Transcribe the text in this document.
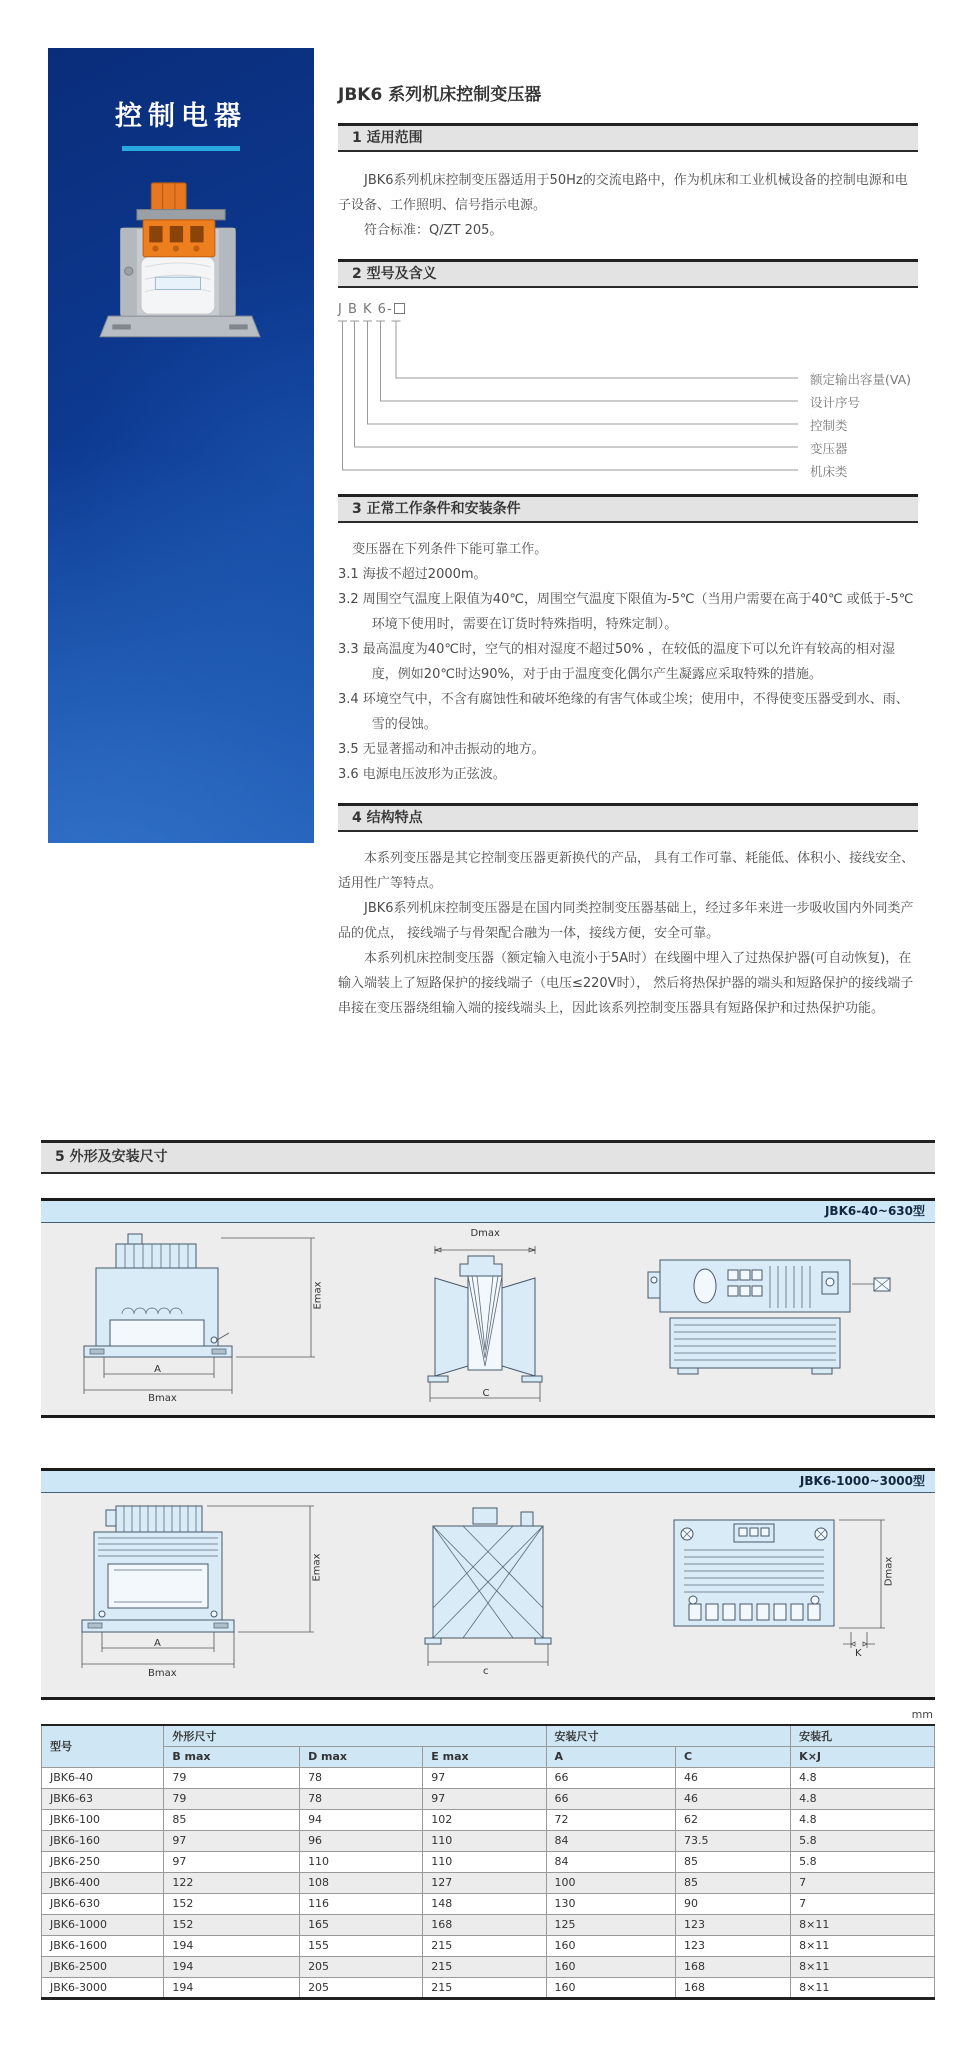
控制电器
JBK6 系列机床控制变压器
1 适用范围

JBK6系列机床控制变压器适用于50Hz的交流电路中，作为机床和工业机械设备的控制电源和电子设备、工作照明、信号指示电源。

符合标准：Q/ZT 205。

2 型号及含义
J B K 6-
额定输出容量(VA)
设计序号
控制类
变压器
机床类
3 正常工作条件和安装条件

变压器在下列条件下能可靠工作。

3.1 海拔不超过2000m。
3.2 周围空气温度上限值为40℃，周围空气温度下限值为-5℃（当用户需要在高于40℃ 或低于-5℃ 环境下使用时，需要在订货时特殊指明，特殊定制）。
3.3 最高温度为40℃时，空气的相对湿度不超过50% ，在较低的温度下可以允许有较高的相对湿度，例如20℃时达90%，对于由于温度变化偶尔产生凝露应采取特殊的措施。
3.4 环境空气中，不含有腐蚀性和破坏绝缘的有害气体或尘埃；使用中，不得使变压器受到水、雨、雪的侵蚀。
3.5 无显著摇动和冲击振动的地方。
3.6 电源电压波形为正弦波。
4 结构特点

本系列变压器是其它控制变压器更新换代的产品， 具有工作可靠、耗能低、体积小、接线安全、适用性广等特点。

JBK6系列机床控制变压器是在国内同类控制变压器基础上，经过多年来进一步吸收国内外同类产品的优点， 接线端子与骨架配合融为一体，接线方便，安全可靠。

本系列机床控制变压器（额定输入电流小于5A时）在线圈中埋入了过热保护器(可自动恢复)，在输入端装上了短路保护的接线端子（电压≤220V时）， 然后将热保护器的端头和短路保护的接线端子串接在变压器绕组输入端的接线端头上，因此该系列控制变压器具有短路保护和过热保护功能。

5 外形及安装尺寸
JBK6-40~630型
Emax
A
Bmax
Dmax
C
JBK6-1000~3000型
Emax
A
Bmax	c
Dmax
K
mm
型号	外形尺寸			安装尺寸		安装孔
	B max	D max	E max	A	C	K×J
JBK6-40	79	78	97	66	46	4.8
JBK6-63	79	78	97	66	46	4.8
JBK6-100	85	94	102	72	62	4.8
JBK6-160	97	96	110	84	73.5	5.8
JBK6-250	97	110	110	84	85	5.8
JBK6-400	122	108	127	100	85	7
JBK6-630	152	116	148	130	90	7
JBK6-1000	152	165	168	125	123	8×11
JBK6-1600	194	155	215	160	123	8×11
JBK6-2500	194	205	215	160	168	8×11
JBK6-3000	194	205	215	160	168	8×11
